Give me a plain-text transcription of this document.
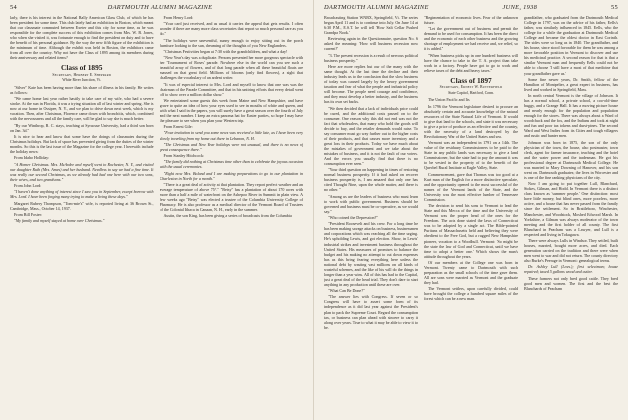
54	DARTMOUTH ALUMNI MAGAZINE

larly, there is his interest in the National Rally American Glass Club, of which he has been president for some time. This club lately had an exhibition in Boston, which meant that our classmate commuted between Exeter and this city for some time, as he was responsible for the complete success of this exhibition comes from Mrs. W. B. Jones, who when she visited it, was fortunate enough to find the president on duty and to have the benefit of his personal guidance. By the way the new fifth figure of the exhibition is the minimum of time. Although the exhibit was held in Boston, the exhibitors came from all over the country. Why not have the Class of 1895 among its members during their anniversary and related items?

Class of 1895
Secretary, Herbert E. Sheppard
White River Junction, Vt.

"Silver" Kate has been having more than his share of illness in his family. He writes as follows:

"We came home last year rather hastily to take care of my wife, who had a severe stroke. At the sun in Florida, it was a trying situation all of last winter and spring. She is now at our home in Ossipee, N. Y., and we plan to drive down next week, which is my vacation. Then, after Christmas, Florence came down with bronchitis, which, combined with the nervousness and all the family care, will be glad to say she is much better.

"By our Winthrop, R. C. stays, teaching at Syracuse University, had a third son born on Jan. 3d."

It is nice to hear and know that some have the doings of classmates during the Christmas holidays. But lack of space has prevented giving from the duties of the winter months. So this is the last issue of the Magazine for the college year. I herewith include the holiday news:

From Idaho Holliday:

"A Homer Christmas. Mrs. McArdee and myself went to Rochester, N. Y., and visited our daughter Ruth (Mrs. Ames) and her husband. Needless to say we had a fine time. It was really our second Christmas, as we already had had one here with our two sons, their wives, and two grandsons."

From John Lord:

"I haven't done anything of interest since I saw you in September, except borrow with Mrs. Lord. I have been forging many trying to make a living these days."

Margaret Rubery Thompson, "Tom-mie's" wife, is reported living at 36 Brown St., Cambridge, Mass., October 14, 1937.

From Bill Foster:

"My family and myself stayed at home over Christmas."

From Henry Lord:

"Your card just received, and as usual it carries the appeal that gets results. I often wonder if there are many more class secretaries that report so much personal care as you do."

"The holidays were uneventful, sunny enough to enjoy sitting out in the porch furniture looking to the sun, dreaming of the thoughts of you New Englanders.

"Christmas Festivities began at 7:30 with the grandchildren, and what a day!

"New Year's day was a duplicate. Persons presented her more gorgeous spectacle with her 'Tournament of Roses' parade. Nowhere else in the world can you see such a beautiful array of flowers, and of that long parade when all these beautiful floats are massed on that great field. Millions of blooms (only find flowers), a sight that challenges the vocabulary of an ardent writer.

"It was of especial interest to Mrs. Lord and myself to know that one was was the chairman of the Parade Committee, and that in his untiring efforts that every detail went off to show over a million dollar show."

We entertained some guests this week from Maine and New Hampshire, and have grave to quite an idea of how your eyes used to see in mouths of white and queen, and with what I said in the papers, you will surely have a great season over the fourth of July and the next number. I keep an extra panoma hat for Easter parties, so hope I may have the pleasure to see when you plan your Western trip.

From Ernest Gile:

"Four invitation to send you some news was received a little late, as I have been very slowly traveling from my home out there in Lebanon, N. H.

"The Christmas and New Year holidays were not unusual, and there is no news of great consequence there."

From Stanley Hitchcock:

"The family did nothing at Christmas time other than to celebrate the joyous occasion with the usual ceremonies.

"Right now Mrs. Boland and I are making preparations to go to our plantation in Charleston in North for a month."

"There is a great deal of activity at that plantation. They report perfect weather and an average temperature of above 75°." "Betsy" has a plantation of about 170 acres with more than a half a mile of waterfront on the Ashepoo River in Summit in plain view. A few weeks ago "Betsy" was elected a trustee of the Columbia University College of Pharmacy. He is also professor as a medical director of the Vermont Board of Trustees of the Colonial Ithaca in Canaan, N. H., early in the summer.

Austin, the son King, has been giving a series of broadcasts from the Columbia

DARTMOUTH ALUMNI MAGAZINE	JUNE, 1938	55

Broadcasting Station WNBX, Springfield, Vt. The series began April 11 and is to continue into July. On June 14 at 6:30 P.M., E.S.T. he will tell 'How Salt Cellar Pushed Grandpa Nook.'

Reviewing again in the Questionnaire, question No. 6 asked the meaning: 'How will business recession now current?'

"3. The present recession is a result of nervous political business prosperity."

Here are more replies but our of the many with the same thought. At the last time the decline and their industry leads us to the conclusion that the slow business of today was caused largely by the heavy government taxation and fear of what the people and industrial policy will become. The people need courage and confidence, and they must develop a better industry, and the business has its own set backs.

"We then decided that a lack of individuals price could be cured, and the additional costs passed on to the consumer. One reason why this did not end was not the fact that wholesalers, that many who hold the goods will decide to buy, and the retailer demands would raise. To say consumer must go way further out to the higher costs of their products, and that causes more inventory and a great loss in their products. Today we have much about the mistakes of government and we take about the mistakes of business, and it is not the fault of our voters. And the errors you usually find that there is no consumption ever seen."

"Your third question on happening in times of restoring normal business prosperity. If it had asked on recover business prosperity is, I am amazed that only one has cited Thought Nine, upon the whole matter, and there is no other. "

"Among us are the leaders of business who must learn to work with public government. Business should be governed and business must be co-operative, as we would say."

"Who coined the Depression?"

"President Roosevelt and his crew. For a long time he has been making savage attacks on business, businessmen and corporations which was reaching all the time urging. He's upholding Lewis, and got election. Show, in Lewis' industrial strikes and investment business throughout the United States. His measures of promises to balance the budget and his making no attempt to cut down expenses has as this bring fearing everything here unless the national debt by wasting vast millions on all kinds of wasteful schemes, and the like of his will do the things in longer than a year wins. All of this has had to the Capital, just a great deal of the head trial. They don't dare to start anything in any production until these are over.

"What Can Be Done?"

"The answer lies with Congress. If seven or so Congress will have to assert some form of its independence as it did last year against the President's plan to pack the Supreme Court. Regard the consumption tax, or business can plan ahead with sincere to carry it along over years. True to what it may be able to view it to be.

"Regimentation of economic lives. Fear of the unknown future.

"Let the government out of business and permit the demand to be used for consumption. It has been the direct and the economic of each other business and the growing shortage of employment we had receive and, we relief, so it is added."

"When business picks up in one hundred business will have the chance to take to the T. A. project than take work in a factory. People have got to go to work and relieve taxes of the debt and heavy taxes."

Class of 1897
Secretary, Ernest W. Butterfield
State Capitol, Hartford, Conn.

The Union Pacific and Its

In 1796 the Vermont legislature desired to procure an absolutely certain and accurate knowledge of the natural resources of the State Natural Life of Vermont. If would to give that land to the schools, and state it was necessary to give a price of produce as an effective and the country, with the necessity of a land destroyed by the Revolutionary War of the United States and sea.

Vermont was an independent in 1791 on a 14th. The value of the residuary Commissioners to be paid to the State in any public lands was necessary to give a land Commissioner, but the state had to pay the amount it was to be vested in the property of to the benefit of the Quecbel Rural Institute at Eagle Valley, State.

Commencement, gave that Thomas was too good at a Kurt man of the English for a more distinctive speculate, and the opportunity opened to the most successful of the names of the Vermont lands of the State, and the University was the most effective lumber of Tennessee Commission.

The decision to send his sons to Vermont to lead the State and this Mecca of the time and the University of Vermont was the proper head of the ones for the Freedom. The acts done stated the laws of Connecticut was to be adopted by a single act. The Bible-pointed Puritans of Massachusetts held and believing they were obedient to the Free God, but a rugged New Hampshire pioneer, vocation to a Woodhull. Vermont: 'So might be the state the law of God and Connecticut, until we have time to adopt a better one.' Which shows the man's attitude throughout the years.

Of our members at the College one was born in Vermont. Twenty came to Dartmouth with such preparation as the small schools of the time gave them. All are sons were married as Vermont and the graduate they had.

The Vermont settlers, upon carefully divided, could have brought the college a hundred square miles of the forest which can be a new man.

grandfather, who graduated from the Dartmouth Medical College in 1797, was on the advice of his father, Eells's father, was similarly influenced in 1845. Eells, who the college for a while the graduation at Dartmouth Medical College and became the oldest doctor in East Corinth. The sides were so long as in 1840. The grandfather, and his house, since stood favorable for them he was among a more favorable position in Vermont to discover and use his medicinal practice. A second reason for that is that a similar Vermont man and frequently Eells could not be able to choose 'I still have a most of that medicine that your grandfather gave us.'

Some fine newer years, Dr. Smith, fellow of the Hamilton of Montpelier, a great expert in business, has lived and worked in Springfield, Mass.

In north central Vermont is the village of Johnson. It has a normal school, a private school, a coo-old-time buggy, and a Grange Hall. It has a moving picture house and nearly enough for the population and population enough for the stores. There was always about a Ward of woodchuck and the fox, and the Indians and took at night and fun and poor tax tokens and durst-pines. The second Ward and West Indies form its Cities and tough villagers and rustic and hunter men.

Johnson was born in 1875, the son of the only physician of the town, the house, also postmaster, town clerk, agent for farmer insurance, teaching and the hotel and the water power and the tradesman. He got his professional degree at Dartmouth Medical College. He was married to Mary Downing of Hanover, and his son went on. Dartmouth graduates; the lives in Worcester and is one of the fine ranking physicians of the city.

Now I am going to put together Lull, Blanchard, Stokes, Gilman, and Hodd. In Vermont there is a distinct class known as 'summer people.' One distinction: most have little money, but blind ones, more poorless, more active, and a house that has never passed from the family since the settlement. So in Brattleboro, Winchester, Manchester, and Woodstock, Moshed Edwood Marsh. In Yorkshire, a Gilman was always moderator of the town meeting and the first holder of all county. The first Blanchard in Peacham was a Lawyer, and Lull is a respected and living in Tokugawa.

There were always Lulls in Windsor. They settled, built houses, married, bought more acres, and died. Each generation carried on the tradition and there were when men went to war and did not return. The county directory also Burke's Peerage in Vermont: genealogical terms.

Dr. Ashley Lull (Lovs.); first selectman; house repaired; taxed 5 gallons wood and cutter.

These farmers not only bred good cattle. They bred good men and women. The first and the best the Blanchards of Peacham
